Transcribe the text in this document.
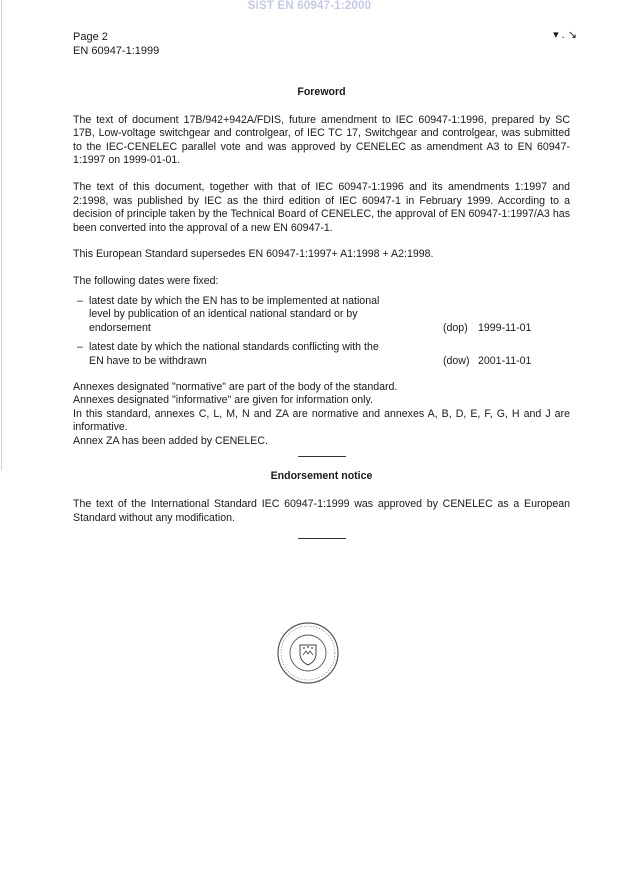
SIST EN 60947-1:2000
Page 2
EN 60947-1:1999
▾ . ↘
Foreword

The text of document 17B/942+942A/FDIS, future amendment to IEC 60947-1:1996, prepared by SC 17B, Low-voltage switchgear and controlgear, of IEC TC 17, Switchgear and controlgear, was submitted to the IEC-CENELEC parallel vote and was approved by CENELEC as amendment A3 to EN 60947-1:1997 on 1999-01-01.

The text of this document, together with that of IEC 60947-1:1996 and its amendments 1:1997 and 2:1998, was published by IEC as the third edition of IEC 60947-1 in February 1999. According to a decision of principle taken by the Technical Board of CENELEC, the approval of EN 60947-1:1997/A3 has been converted into the approval of a new EN 60947-1.

This European Standard supersedes EN 60947-1:1997+ A1:1998 + A2:1998.

The following dates were fixed:

– latest date by which the EN has to be implemented at national level by publication of an identical national standard or by endorsement	(dop) 1999-11-01
– latest date by which the national standards conflicting with the EN have to be withdrawn	(dow) 2001-11-01

Annexes designated "normative" are part of the body of the standard.

Annexes designated "informative" are given for information only.

In this standard, annexes C, L, M, N and ZA are normative and annexes A, B, D, E, F, G, H and J are informative.

Annex ZA has been added by CENELEC.

Endorsement notice

The text of the International Standard IEC 60947-1:1999 was approved by CENELEC as a European Standard without any modification.
